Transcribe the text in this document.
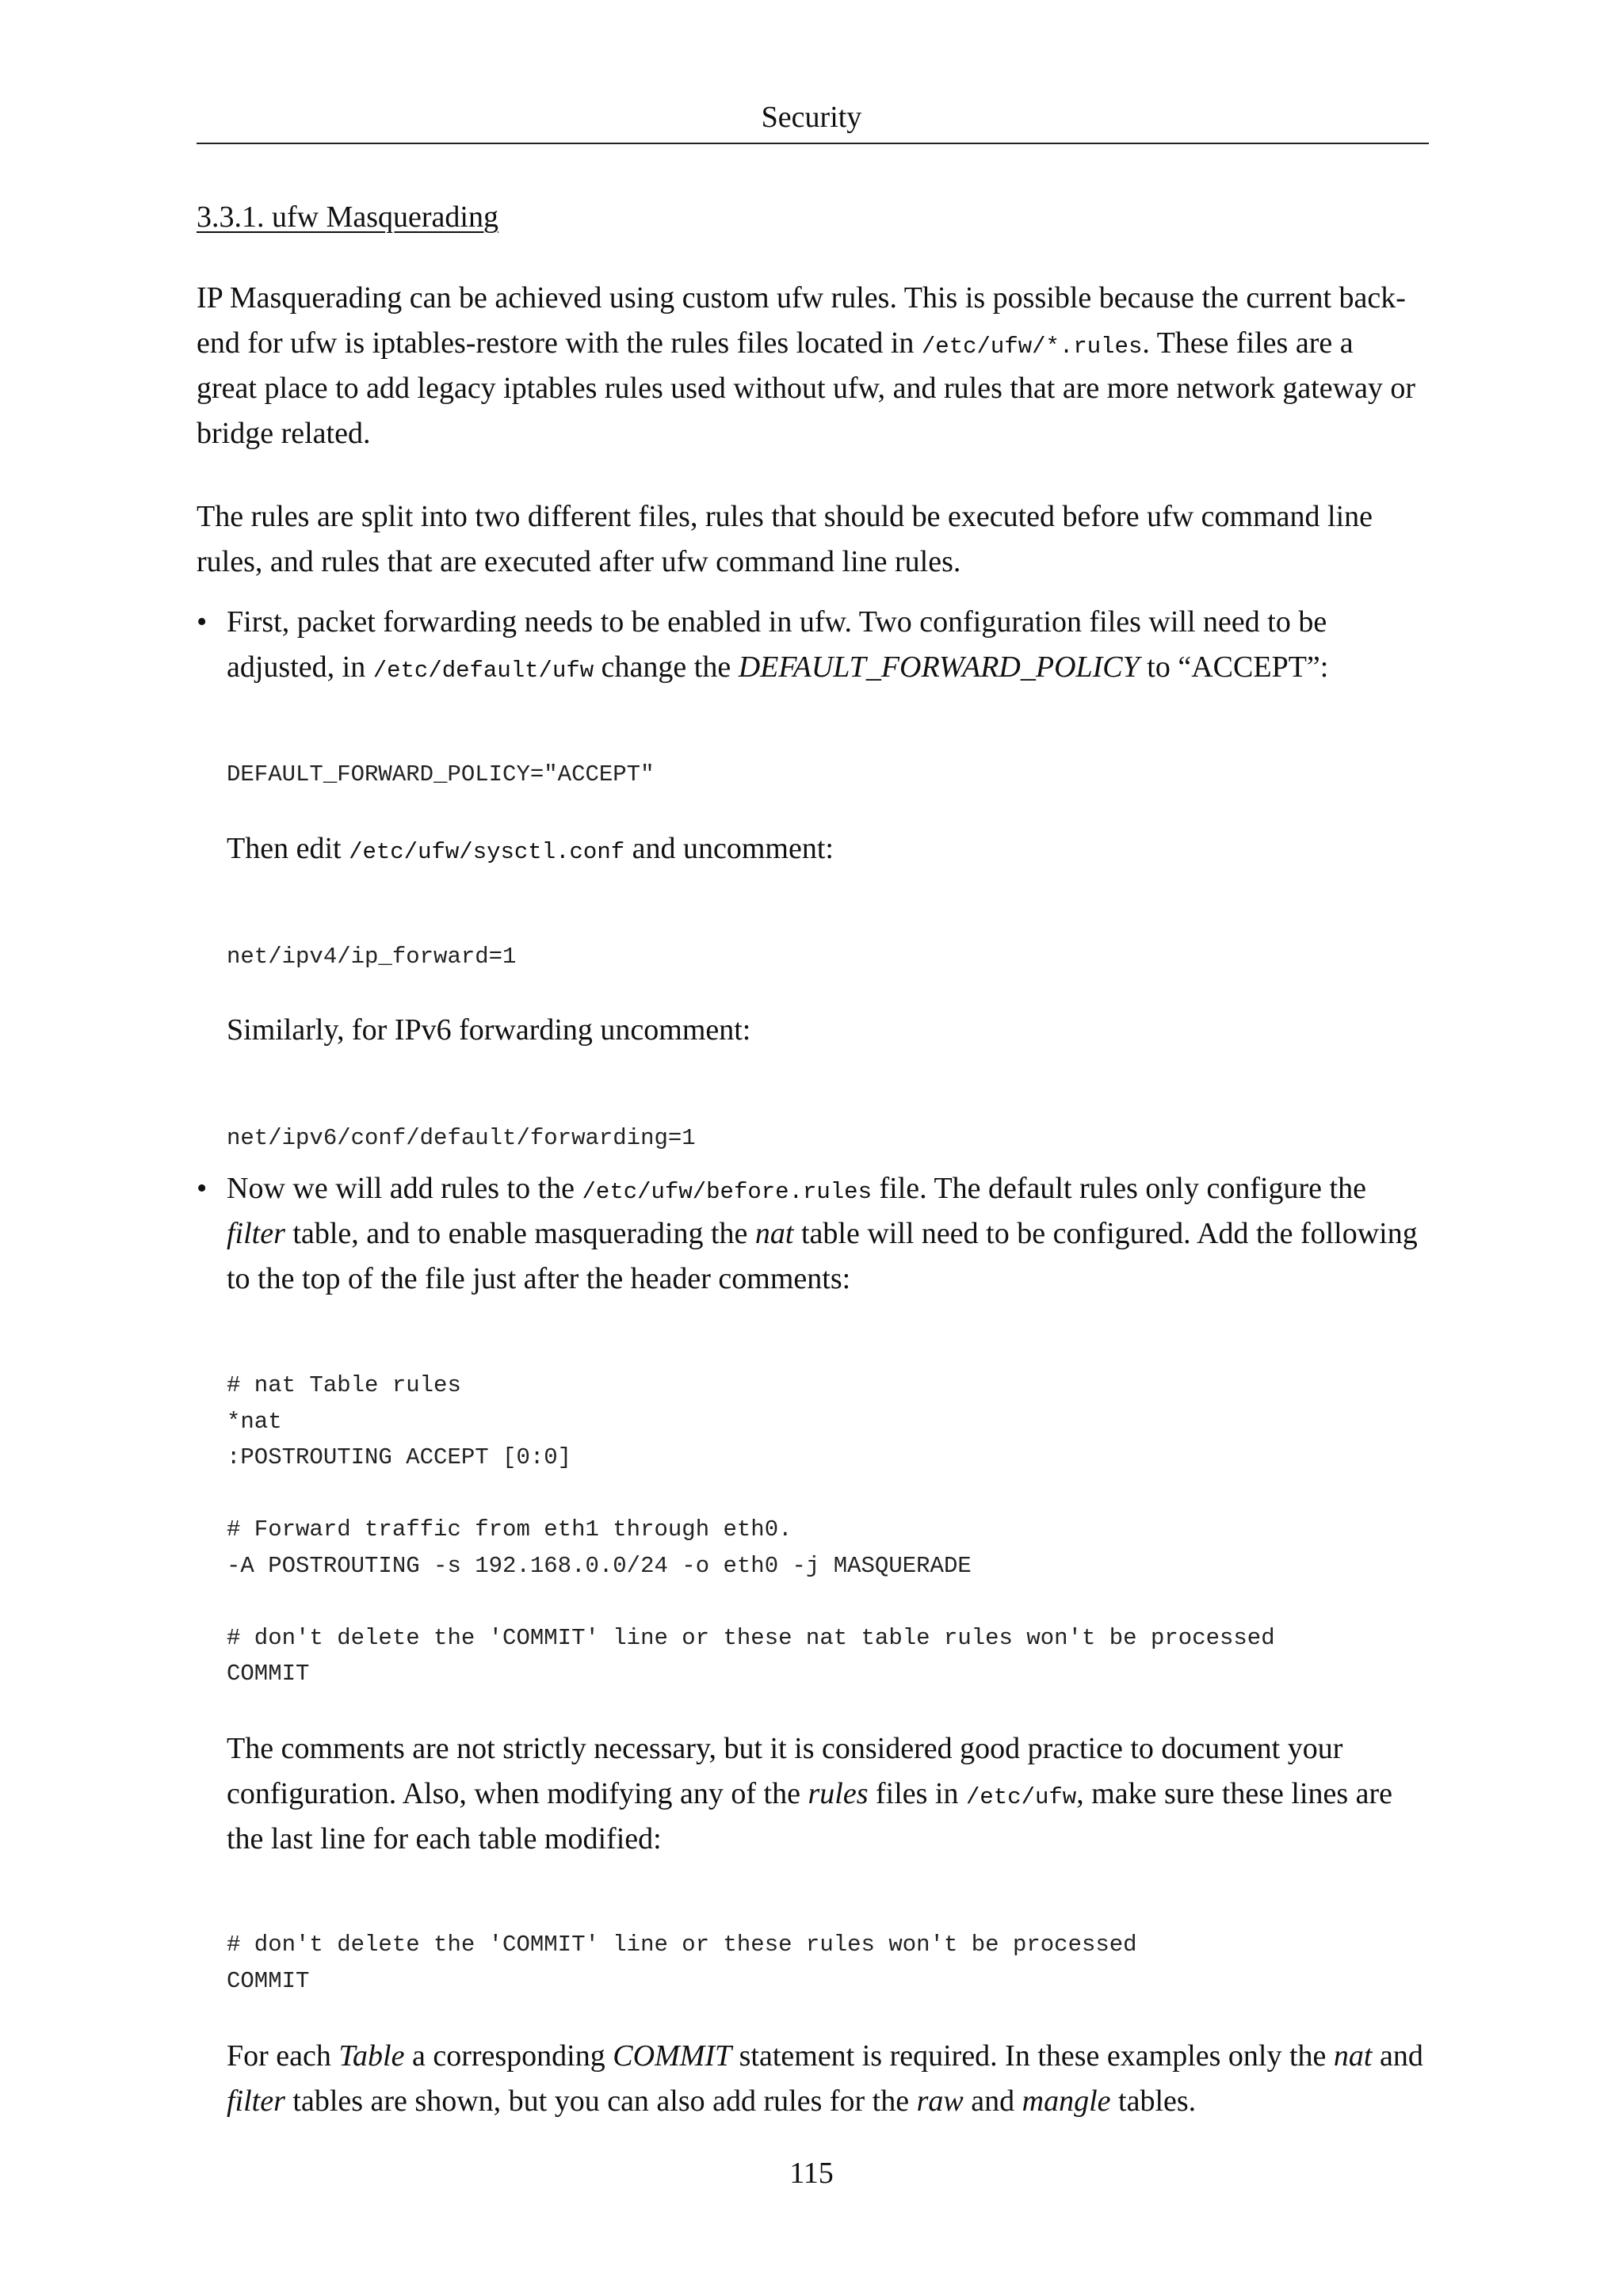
Security
3.3.1. ufw Masquerading
IP Masquerading can be achieved using custom ufw rules. This is possible because the current back-
end for ufw is iptables-restore with the rules files located in /etc/ufw/*.rules. These files are a
great place to add legacy iptables rules used without ufw, and rules that are more network gateway or
bridge related.
The rules are split into two different files, rules that should be executed before ufw command line
rules, and rules that are executed after ufw command line rules.
• First, packet forwarding needs to be enabled in ufw. Two configuration files will need to be
adjusted, in /etc/default/ufw change the DEFAULT_FORWARD_POLICY to “ACCEPT”:
DEFAULT_FORWARD_POLICY="ACCEPT"
Then edit /etc/ufw/sysctl.conf and uncomment:
net/ipv4/ip_forward=1
Similarly, for IPv6 forwarding uncomment:
net/ipv6/conf/default/forwarding=1
• Now we will add rules to the /etc/ufw/before.rules file. The default rules only configure the
filter table, and to enable masquerading the nat table will need to be configured. Add the following
to the top of the file just after the header comments:
# nat Table rules
*nat
:POSTROUTING ACCEPT [0:0]

# Forward traffic from eth1 through eth0.
-A POSTROUTING -s 192.168.0.0/24 -o eth0 -j MASQUERADE

# don't delete the 'COMMIT' line or these nat table rules won't be processed
COMMIT
The comments are not strictly necessary, but it is considered good practice to document your
configuration. Also, when modifying any of the rules files in /etc/ufw, make sure these lines are
the last line for each table modified:
# don't delete the 'COMMIT' line or these rules won't be processed
COMMIT
For each Table a corresponding COMMIT statement is required. In these examples only the nat and
filter tables are shown, but you can also add rules for the raw and mangle tables.
115
